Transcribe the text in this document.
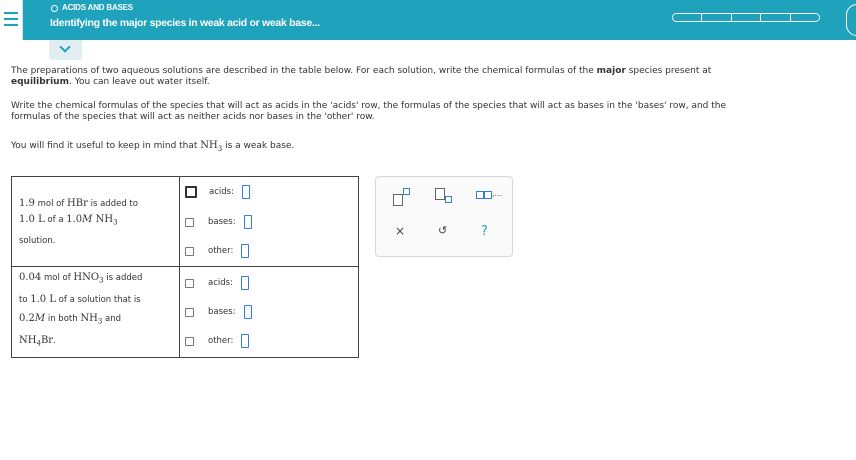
ACIDS AND BASES
Identifying the major species in weak acid or weak base...
The preparations of two aqueous solutions are described in the table below. For each solution, write the chemical formulas of the major species present at
equilibrium. You can leave out water itself.
Write the chemical formulas of the species that will act as acids in the 'acids' row, the formulas of the species that will act as bases in the 'bases' row, and the
formulas of the species that will act as neither acids nor bases in the 'other' row.
You will find it useful to keep in mind that $NH_3$ is a weak base.
1.9 mol of HBr is added to
1.0 L of a 1.0M $NH_3$
solution.
acids:
bases:
other:
0.04 mol of $HNO_3$ is added
to 1.0 L of a solution that is
0.2M in both $NH_3$ and
$NH_4Br$.
acids:
bases:
other:
,...
×	↺	?
